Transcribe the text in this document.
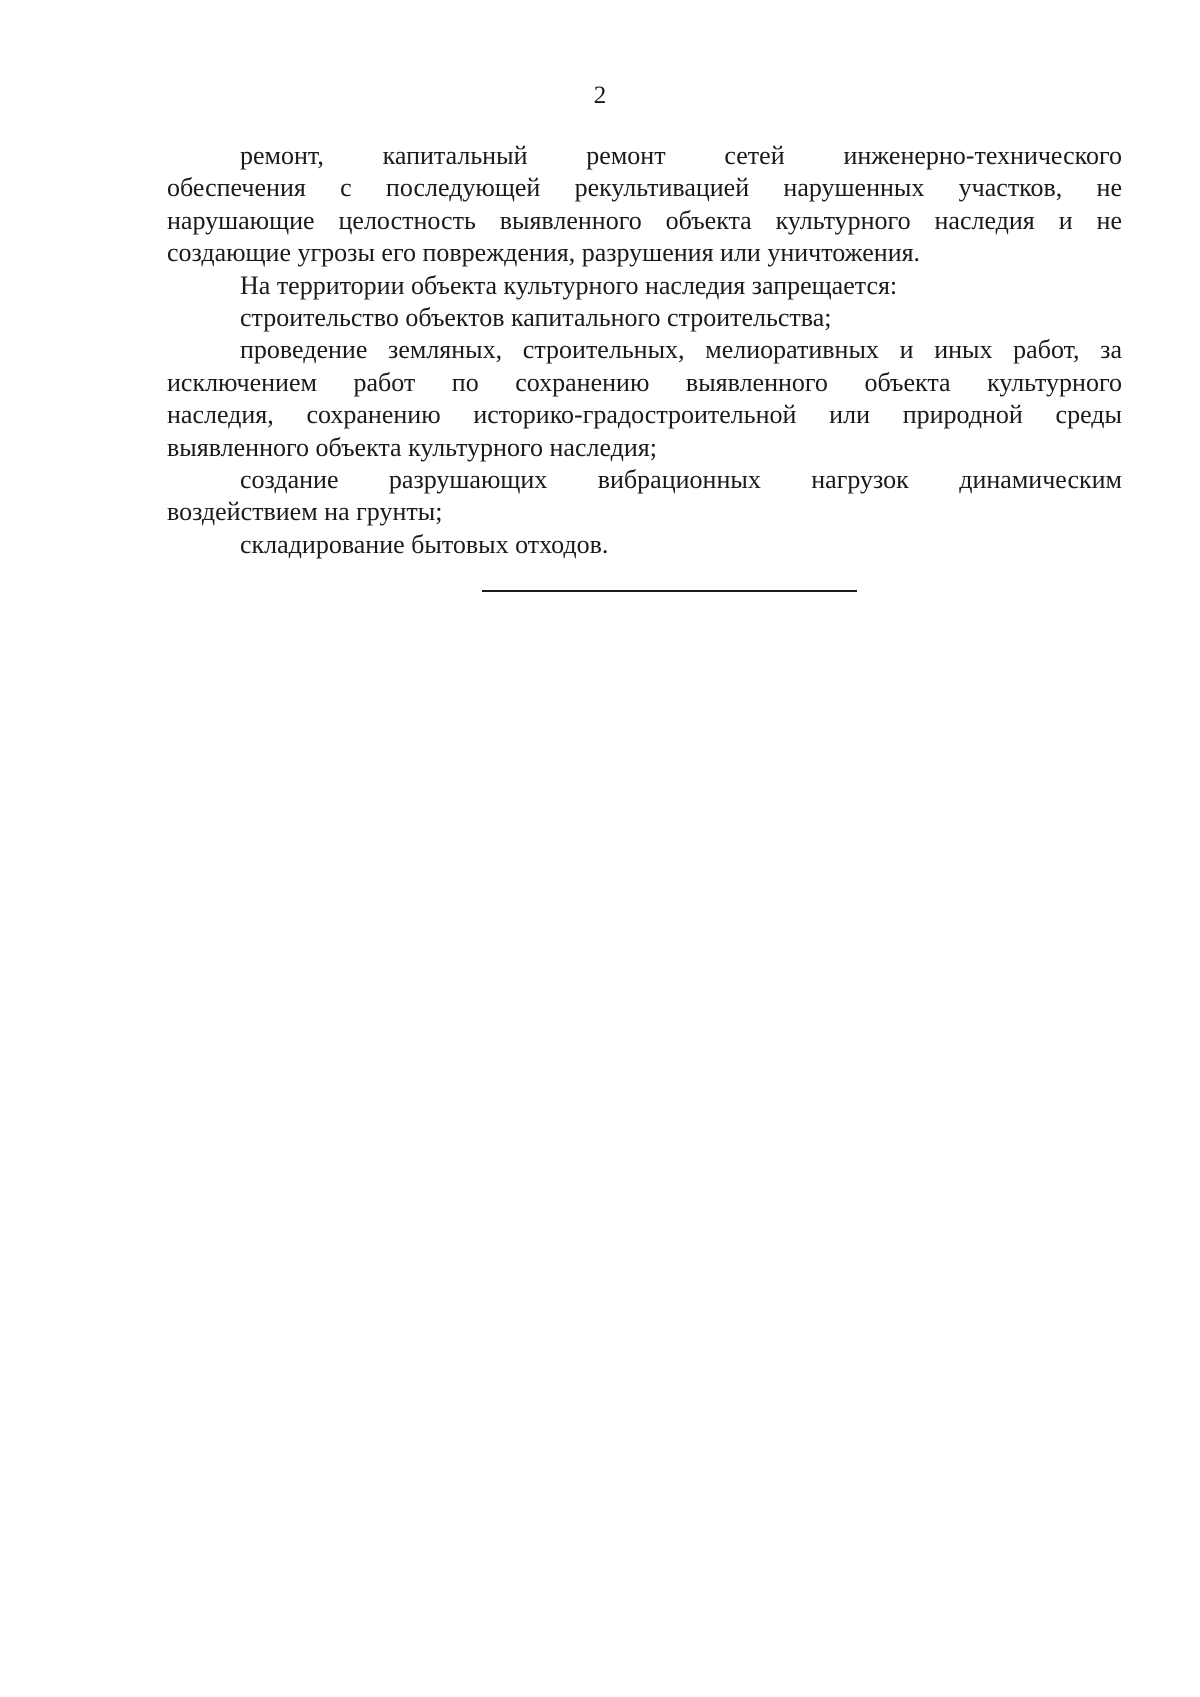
2

ремонт, капитальный ремонт сетей инженерно-технического
обеспечения с последующей рекультивацией нарушенных участков, не
нарушающие целостность выявленного объекта культурного наследия и не
создающие угрозы его повреждения, разрушения или уничтожения.

На территории объекта культурного наследия запрещается:

строительство объектов капитального строительства;

проведение земляных, строительных, мелиоративных и иных работ, за
исключением работ по сохранению выявленного объекта культурного
наследия, сохранению историко-градостроительной или природной среды
выявленного объекта культурного наследия;

создание разрушающих вибрационных нагрузок динамическим
воздействием на грунты;

складирование бытовых отходов.
